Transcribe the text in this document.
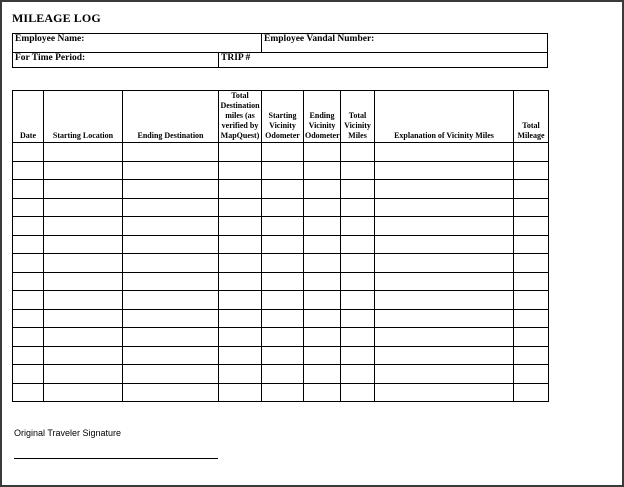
MILEAGE LOG
Employee Name:		Employee Vandal Number:
For Time Period:	TRIP #	
Date	Starting Location	Ending Destination	Total Destination miles (as verified by MapQuest)	Starting Vicinity Odometer	Ending Vicinity Odometer	Total Vicinity Miles	Explanation of Vicinity Miles	Total Mileage

Original Traveler Signature
